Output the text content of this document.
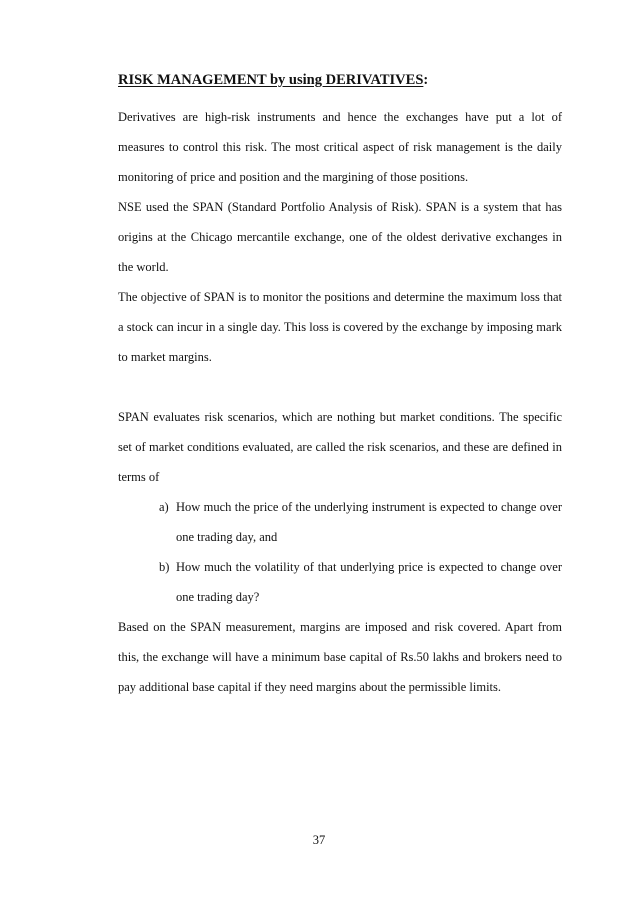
RISK MANAGEMENT by using DERIVATIVES:

Derivatives are high-risk instruments and hence the exchanges have put a lot of measures to control this risk. The most critical aspect of risk management is the daily monitoring of price and position and the margining of those positions.

NSE used the SPAN (Standard Portfolio Analysis of Risk). SPAN is a system that has origins at the Chicago mercantile exchange, one of the oldest derivative exchanges in the world.

The objective of SPAN is to monitor the positions and determine the maximum loss that a stock can incur in a single day. This loss is covered by the exchange by imposing mark to market margins.

SPAN evaluates risk scenarios, which are nothing but market conditions. The specific set of market conditions evaluated, are called the risk scenarios, and these are defined in terms of

a) How much the price of the underlying instrument is expected to change over one trading day, and
b) How much the volatility of that underlying price is expected to change over one trading day?

Based on the SPAN measurement, margins are imposed and risk covered. Apart from this, the exchange will have a minimum base capital of Rs.50 lakhs and brokers need to pay additional base capital if they need margins about the permissible limits.

37
